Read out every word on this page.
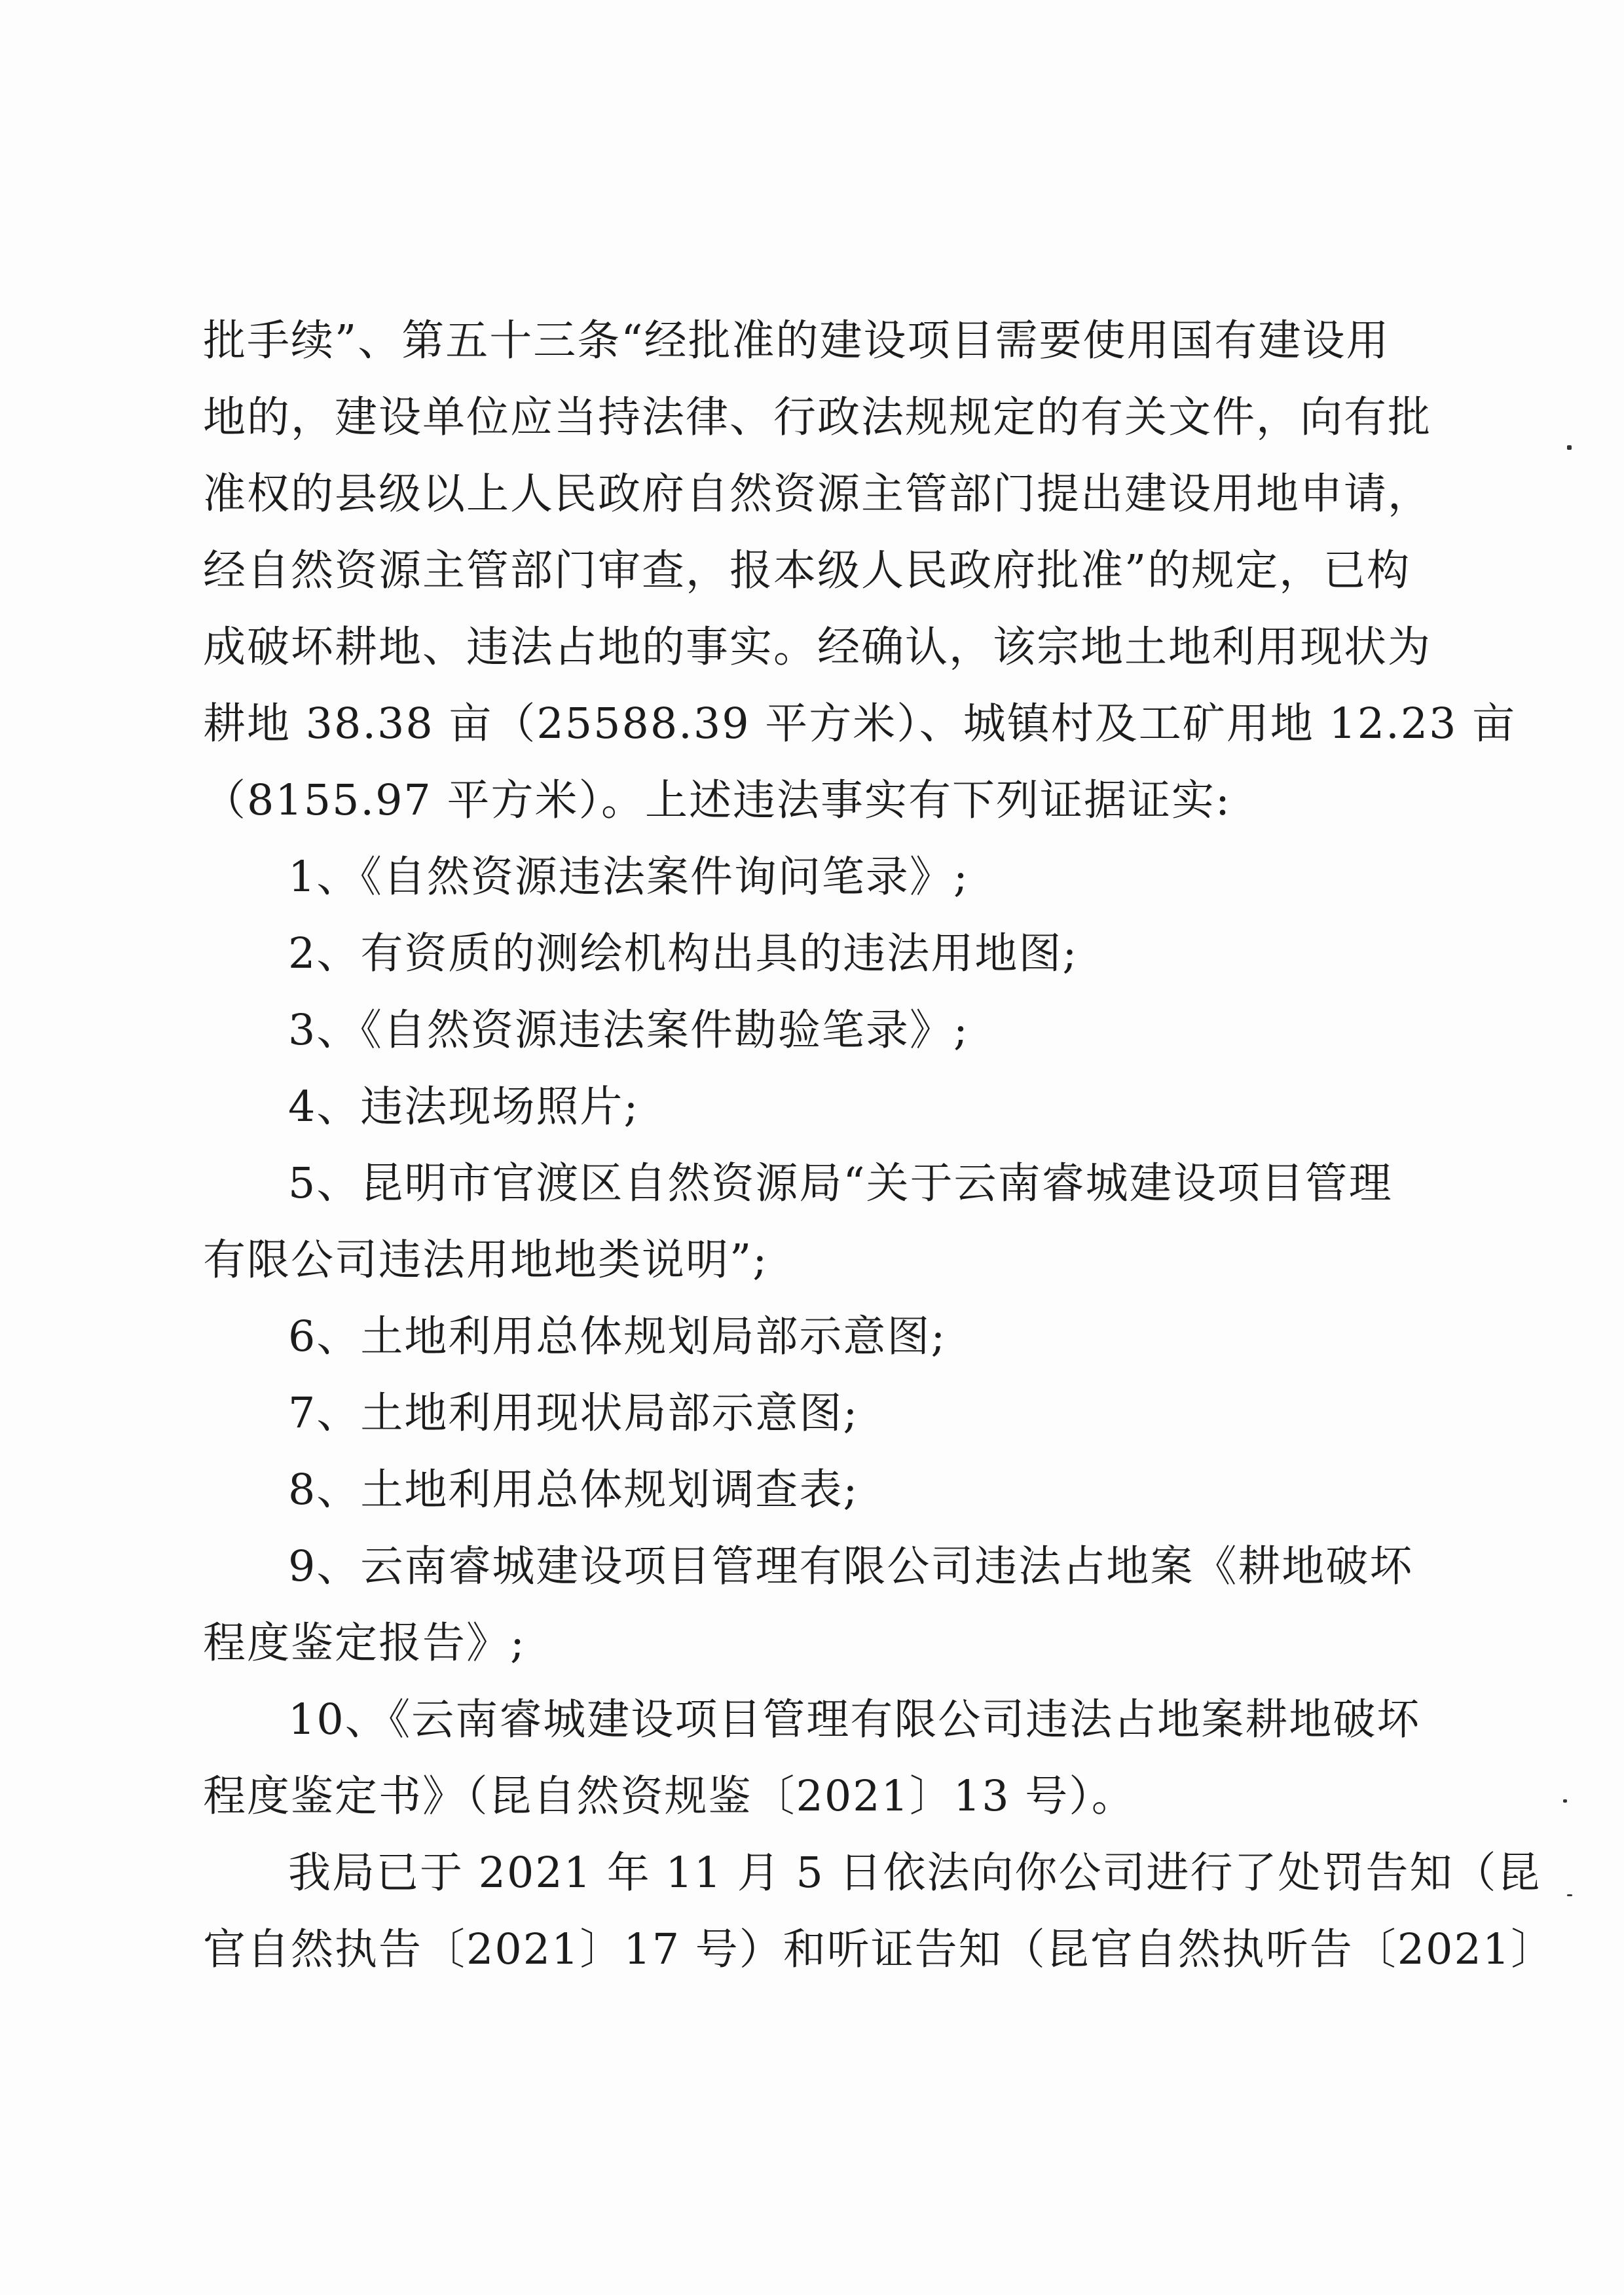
批手续”、第五十三条“经批准的建设项目需要使用国有建设用
地的，建设单位应当持法律、行政法规规定的有关文件，向有批
准权的县级以上人民政府自然资源主管部门提出建设用地申请，
经自然资源主管部门审查，报本级人民政府批准”的规定，已构
成破坏耕地、违法占地的事实。经确认，该宗地土地利用现状为
耕地 38.38 亩（25588.39 平方米）、城镇村及工矿用地 12.23 亩
（8155.97 平方米）。上述违法事实有下列证据证实:
1、《自然资源违法案件询问笔录》;
2、有资质的测绘机构出具的违法用地图;
3、《自然资源违法案件勘验笔录》;
4、违法现场照片;
5、昆明市官渡区自然资源局“关于云南睿城建设项目管理
有限公司违法用地地类说明”;
6、土地利用总体规划局部示意图;
7、土地利用现状局部示意图;
8、土地利用总体规划调查表;
9、云南睿城建设项目管理有限公司违法占地案《耕地破坏
程度鉴定报告》;
10、《云南睿城建设项目管理有限公司违法占地案耕地破坏
程度鉴定书》（昆自然资规鉴〔2021〕13 号）。
我局已于 2021 年 11 月 5 日依法向你公司进行了处罚告知（昆
官自然执告〔2021〕17 号）和听证告知（昆官自然执听告〔2021〕
